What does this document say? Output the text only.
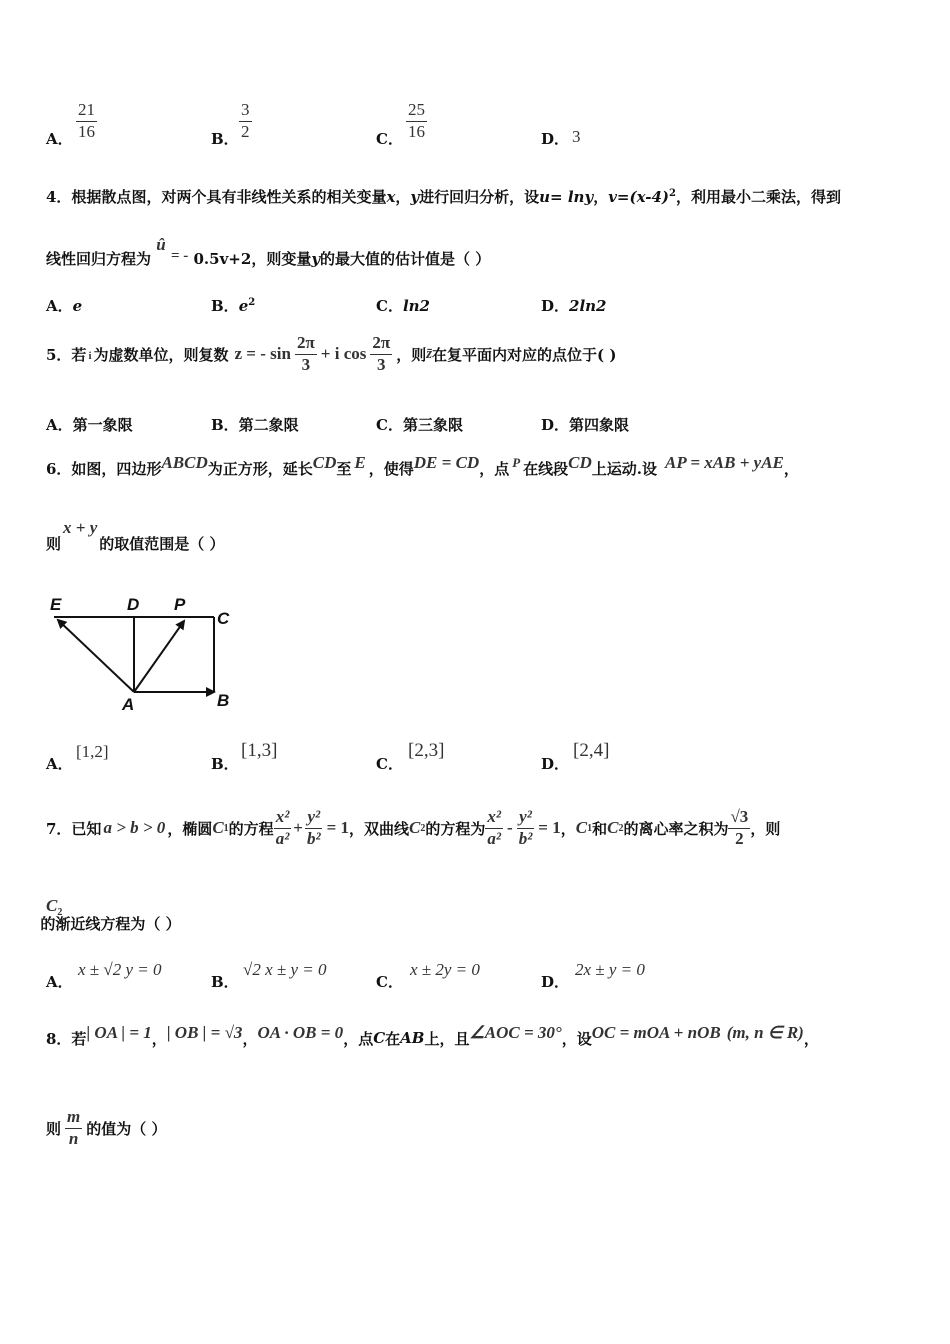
A． $\frac{21}{16}$	B． $\frac{3}{2}$	C． $\frac{25}{16}$	D． 3
4．根据散点图，对两个具有非线性关系的相关变量x，y进行回归分析，设u= lny，$v=(x-4)^2$，利用最小二乘法，得到
线性回归方程为 û = - 0.5v+2，则变量y的最大值的估计值是（ ）
A．e	B．$e^2$	C．ln2	D．2ln2
5．若 i 为虚数单位，则复数 z = - $\sin \frac{2\pi}{3} + i$ $\cos \frac{2\pi}{3}$ ，则 z̄ 在复平面内对应的点位于( )
A．第一象限	B．第二象限	C．第三象限	D．第四象限
6．如图，四边形 ABCD 为正方形，延长 CD 至 E ，使得 DE = CD ，点 P 在线段 CD 上运动.设 AP = xAB + yAE ，
则
x + y
的取值范围是（ ）
E	D P
C
A	B
A．
[1,2]
B．
[1,3]
C．
[2,3]
D．
[2,4]
7．已知 a > b > 0 ，椭圆 C 1 的方程 $\frac{\text{x²}}{\text{a²}} + \frac{\text{y²}}{\text{b²}} = 1$ ，双曲线 C 2 的方程为 $\frac{\text{x²}}{\text{a²}} - \frac{\text{y²}}{\text{b²}} = 1$ ， C 1 和 C 2 的离心率之积为 $\frac{√3}{2}$ ，则
$C_2$
的渐近线方程为（ ）
A．
x ± √2 y = 0
B．
√2 x ± y = 0
C．
x ± 2y = 0
D．
2x ± y = 0
8．若 | OA | = 1 ， | OB | = √3 ， OA · OB = 0 ，点 C 在 AB 上，且 ∠AOC = 30° ，设 OC = mOA + nOB (m, n ∈ R) ，
则 $\frac{m}{n}$ 的值为（ ）
